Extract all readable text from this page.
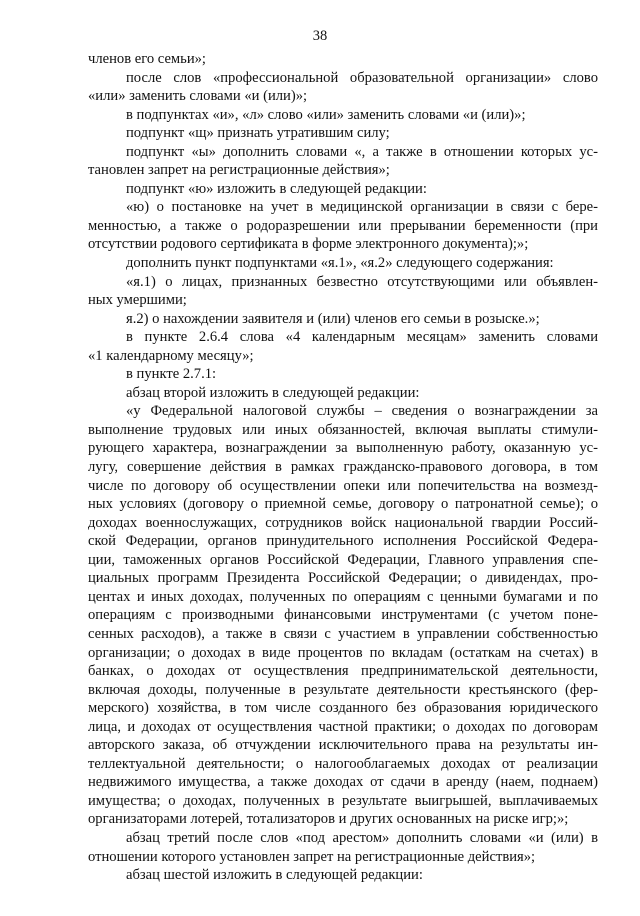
38
членов его семьи»;
после слов «профессиональной образовательной организации» слово
«или» заменить словами «и (или)»;
в подпунктах «и», «л» слово «или» заменить словами «и (или)»;
подпункт «щ» признать утратившим силу;
подпункт «ы» дополнить словами «, а также в отношении которых ус-
тановлен запрет на регистрационные действия»;
подпункт «ю» изложить в следующей редакции:
«ю) о постановке на учет в медицинской организации в связи с бере-
менностью, а также о родоразрешении или прерывании беременности (при
отсутствии родового сертификата в форме электронного документа);»;
дополнить пункт подпунктами «я.1», «я.2» следующего содержания:
«я.1) о лицах, признанных безвестно отсутствующими или объявлен-
ных умершими;
я.2) о нахождении заявителя и (или) членов его семьи в розыске.»;
в пункте 2.6.4 слова «4 календарным месяцам» заменить словами
«1 календарному месяцу»;
в пункте 2.7.1:
абзац второй изложить в следующей редакции:
«у Федеральной налоговой службы – сведения о вознаграждении за
выполнение трудовых или иных обязанностей, включая выплаты стимули-
рующего характера, вознаграждении за выполненную работу, оказанную ус-
лугу, совершение действия в рамках гражданско-правового договора, в том
числе по договору об осуществлении опеки или попечительства на возмезд-
ных условиях (договору о приемной семье, договору о патронатной семье); о
доходах военнослужащих, сотрудников войск национальной гвардии Россий-
ской Федерации, органов принудительного исполнения Российской Федера-
ции, таможенных органов Российской Федерации, Главного управления спе-
циальных программ Президента Российской Федерации; о дивидендах, про-
центах и иных доходах, полученных по операциям с ценными бумагами и по
операциям с производными финансовыми инструментами (с учетом поне-
сенных расходов), а также в связи с участием в управлении собственностью
организации; о доходах в виде процентов по вкладам (остаткам на счетах) в
банках, о доходах от осуществления предпринимательской деятельности,
включая доходы, полученные в результате деятельности крестьянского (фер-
мерского) хозяйства, в том числе созданного без образования юридического
лица, и доходах от осуществления частной практики; о доходах по договорам
авторского заказа, об отчуждении исключительного права на результаты ин-
теллектуальной деятельности; о налогооблагаемых доходах от реализации
недвижимого имущества, а также доходах от сдачи в аренду (наем, поднаем)
имущества; о доходах, полученных в результате выигрышей, выплачиваемых
организаторами лотерей, тотализаторов и других основанных на риске игр;»;
абзац третий после слов «под арестом» дополнить словами «и (или) в
отношении которого установлен запрет на регистрационные действия»;
абзац шестой изложить в следующей редакции:
